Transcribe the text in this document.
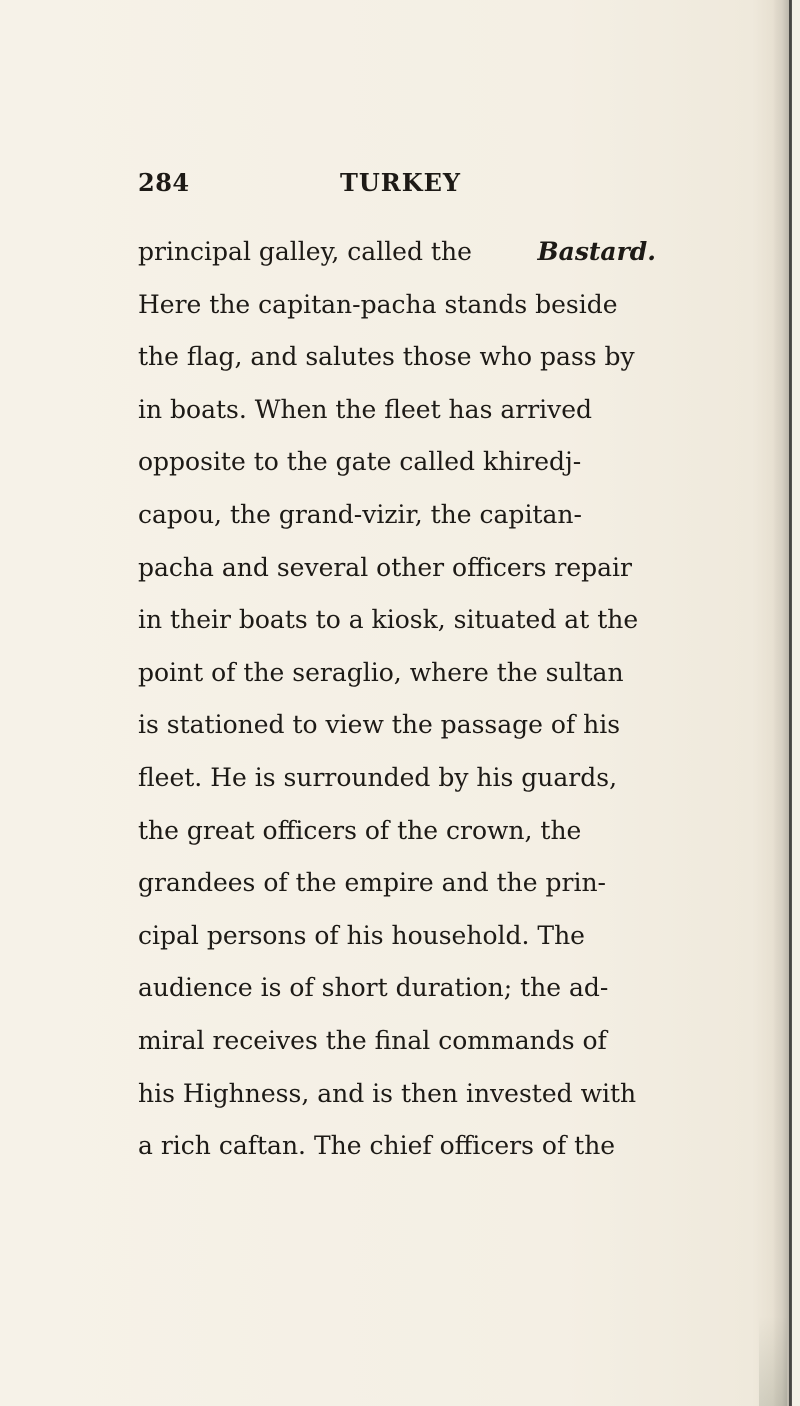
284	TURKEY
principal galley, called the	Bastard.
Here the capitan-pacha stands beside
the flag, and salutes those who pass by
in boats. When the fleet has arrived
opposite to the gate called khiredj-
capou, the grand-vizir, the capitan-
pacha and several other officers repair
in their boats to a kiosk, situated at the
point of the seraglio, where the sultan
is stationed to view the passage of his
fleet. He is surrounded by his guards,
the great officers of the crown, the
grandees of the empire and the prin-
cipal persons of his household. The
audience is of short duration; the ad-
miral receives the final commands of
his Highness, and is then invested with
a rich caftan. The chief officers of the
